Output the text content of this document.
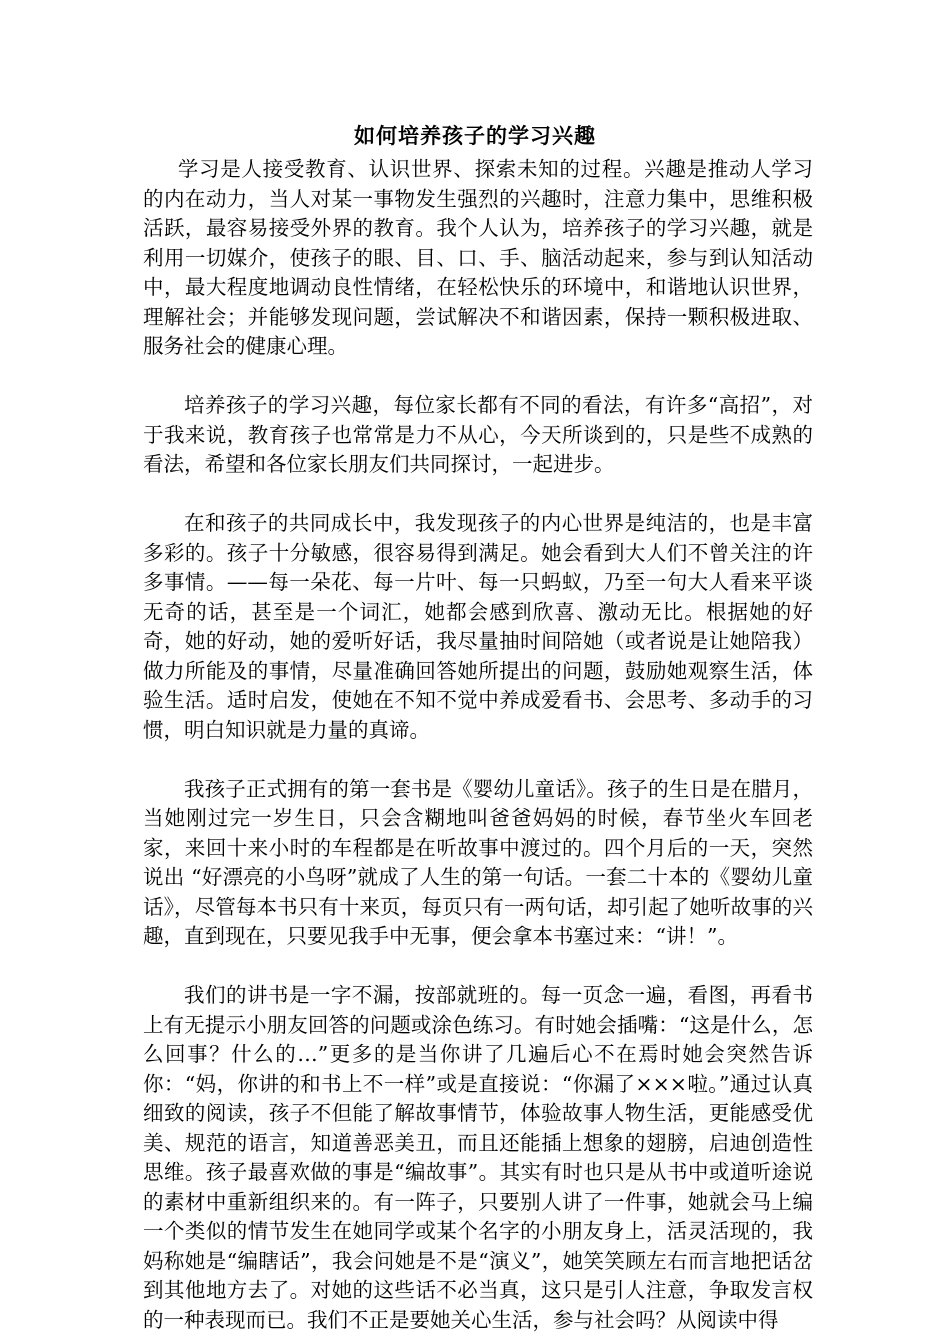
如何培养孩子的学习兴趣

学习是人接受教育、认识世界、探索未知的过程。兴趣是推动人学习的内在动力，当人对某一事物发生强烈的兴趣时，注意力集中，思维积极活跃，最容易接受外界的教育。我个人认为，培养孩子的学习兴趣，就是利用一切媒介，使孩子的眼、目、口、手、脑活动起来，参与到认知活动中，最大程度地调动良性情绪，在轻松快乐的环境中，和谐地认识世界，理解社会；并能够发现问题，尝试解决不和谐因素，保持一颗积极进取、服务社会的健康心理。

培养孩子的学习兴趣，每位家长都有不同的看法，有许多“高招”，对于我来说，教育孩子也常常是力不从心，今天所谈到的，只是些不成熟的看法，希望和各位家长朋友们共同探讨，一起进步。

在和孩子的共同成长中，我发现孩子的内心世界是纯洁的，也是丰富多彩的。孩子十分敏感，很容易得到满足。她会看到大人们不曾关注的许多事情。——每一朵花、每一片叶、每一只蚂蚁，乃至一句大人看来平谈无奇的话，甚至是一个词汇，她都会感到欣喜、激动无比。根据她的好奇，她的好动，她的爱听好话，我尽量抽时间陪她（或者说是让她陪我）做力所能及的事情，尽量准确回答她所提出的问题，鼓励她观察生活，体验生活。适时启发，使她在不知不觉中养成爱看书、会思考、多动手的习惯，明白知识就是力量的真谛。

我孩子正式拥有的第一套书是《婴幼儿童话》。孩子的生日是在腊月，当她刚过完一岁生日，只会含糊地叫爸爸妈妈的时候，春节坐火车回老家，来回十来小时的车程都是在听故事中渡过的。四个月后的一天，突然说出 “好漂亮的小鸟呀”就成了人生的第一句话。一套二十本的《婴幼儿童话》，尽管每本书只有十来页，每页只有一两句话，却引起了她听故事的兴趣，直到现在，只要见我手中无事，便会拿本书塞过来：“讲！”。

我们的讲书是一字不漏，按部就班的。每一页念一遍，看图，再看书上有无提示小朋友回答的问题或涂色练习。有时她会插嘴：“这是什么，怎么回事？什么的…”更多的是当你讲了几遍后心不在焉时她会突然告诉你：“妈，你讲的和书上不一样”或是直接说：“你漏了×××啦。”通过认真细致的阅读，孩子不但能了解故事情节，体验故事人物生活，更能感受优美、规范的语言，知道善恶美丑，而且还能插上想象的翅膀，启迪创造性思维。孩子最喜欢做的事是“编故事”。其实有时也只是从书中或道听途说的素材中重新组织来的。有一阵子，只要别人讲了一件事，她就会马上编一个类似的情节发生在她同学或某个名字的小朋友身上，活灵活现的，我妈称她是“编瞎话”，我会问她是不是“演义”，她笑笑顾左右而言地把话岔到其他地方去了。对她的这些话不必当真，这只是引人注意，争取发言权的一种表现而已。我们不正是要她关心生活，参与社会吗？从阅读中得
